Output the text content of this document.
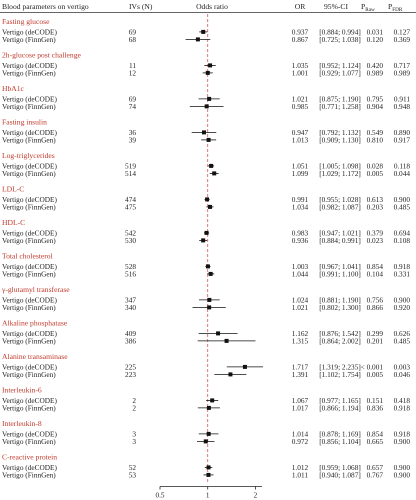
Blood parameters on vertigo	IVs (N)	Odds ratio	OR 95%-CI $P_{Raw}$ $P_{FDR}$
Fasting glucose
Vertigo (deCODE)	69	0.937 [0.884; 0.994] 0.031 0.127
Vertigo (FinnGen)	68	0.867 [0.725; 1.038] 0.120 0.369
2h-glucose post challenge
Vertigo (deCODE)	11	1.035 [0.952; 1.124] 0.420 0.717
Vertigo (FinnGen)	12	1.001 [0.929; 1.077] 0.989 0.989
HbA1c
Vertigo (deCODE)	69	1.021 [0.875; 1.190] 0.795 0.911
Vertigo (FinnGen)	74	0.985 [0.771; 1.258] 0.904 0.948
Fasting insulin
Vertigo (deCODE)	36	0.947 [0.792; 1.132] 0.549 0.890
Vertigo (FinnGen)	39	1.013 [0.909; 1.130] 0.810 0.917
Log-triglycerides
Vertigo (deCODE)	519	1.051 [1.005; 1.098] 0.028 0.118
Vertigo (FinnGen)	514	1.099 [1.029; 1.172] 0.005 0.044
LDL-C
Vertigo (deCODE)	474	0.991 [0.955; 1.028] 0.613 0.900
Vertigo (FinnGen)	475	1.034 [0.982; 1.087] 0.203 0.485
HDL-C
Vertigo (deCODE)	542	0.983 [0.947; 1.021] 0.379 0.694
Vertigo (FinnGen)	530	0.936 [0.884; 0.991] 0.023 0.108
Total cholesterol
Vertigo (deCODE)	528	1.003 [0.967; 1.041] 0.854 0.918
Vertigo (FinnGen)	516	1.044 [0.991; 1.100] 0.104 0.331
γ-glutamyl transferase
Vertigo (deCODE)	347	1.024 [0.881; 1.190] 0.756 0.900
Vertigo (FinnGen)	340	1.021 [0.802; 1.300] 0.866 0.920
Alkaline phosphatase
Vertigo (deCODE)	409	1.162 [0.876; 1.542] 0.299 0.626
Vertigo (FinnGen)	386	1.315 [0.864; 2.002] 0.201 0.485
Alanine transaminase
Vertigo (deCODE)	225	1.717 [1.319; 2.235] < 0.001 0.003
Vertigo (FinnGen)	223	1.391 [1.102; 1.754] 0.005 0.046
Interleukin-6
Vertigo (deCODE)	2	1.067 [0.977; 1.165] 0.151 0.418
Vertigo (FinnGen)	2	1.017 [0.866; 1.194] 0.836 0.918
Interleukin-8
Vertigo (deCODE)	3	1.014 [0.878; 1.169] 0.854 0.918
Vertigo (FinnGen)	3	0.972 [0.856; 1.104] 0.665 0.900
C-reactive protein
Vertigo (deCODE)	52	1.012 [0.959; 1.068] 0.657 0.900
Vertigo (FinnGen)	53	1.011 [0.940; 1.087] 0.767 0.900
0.5	1	2
